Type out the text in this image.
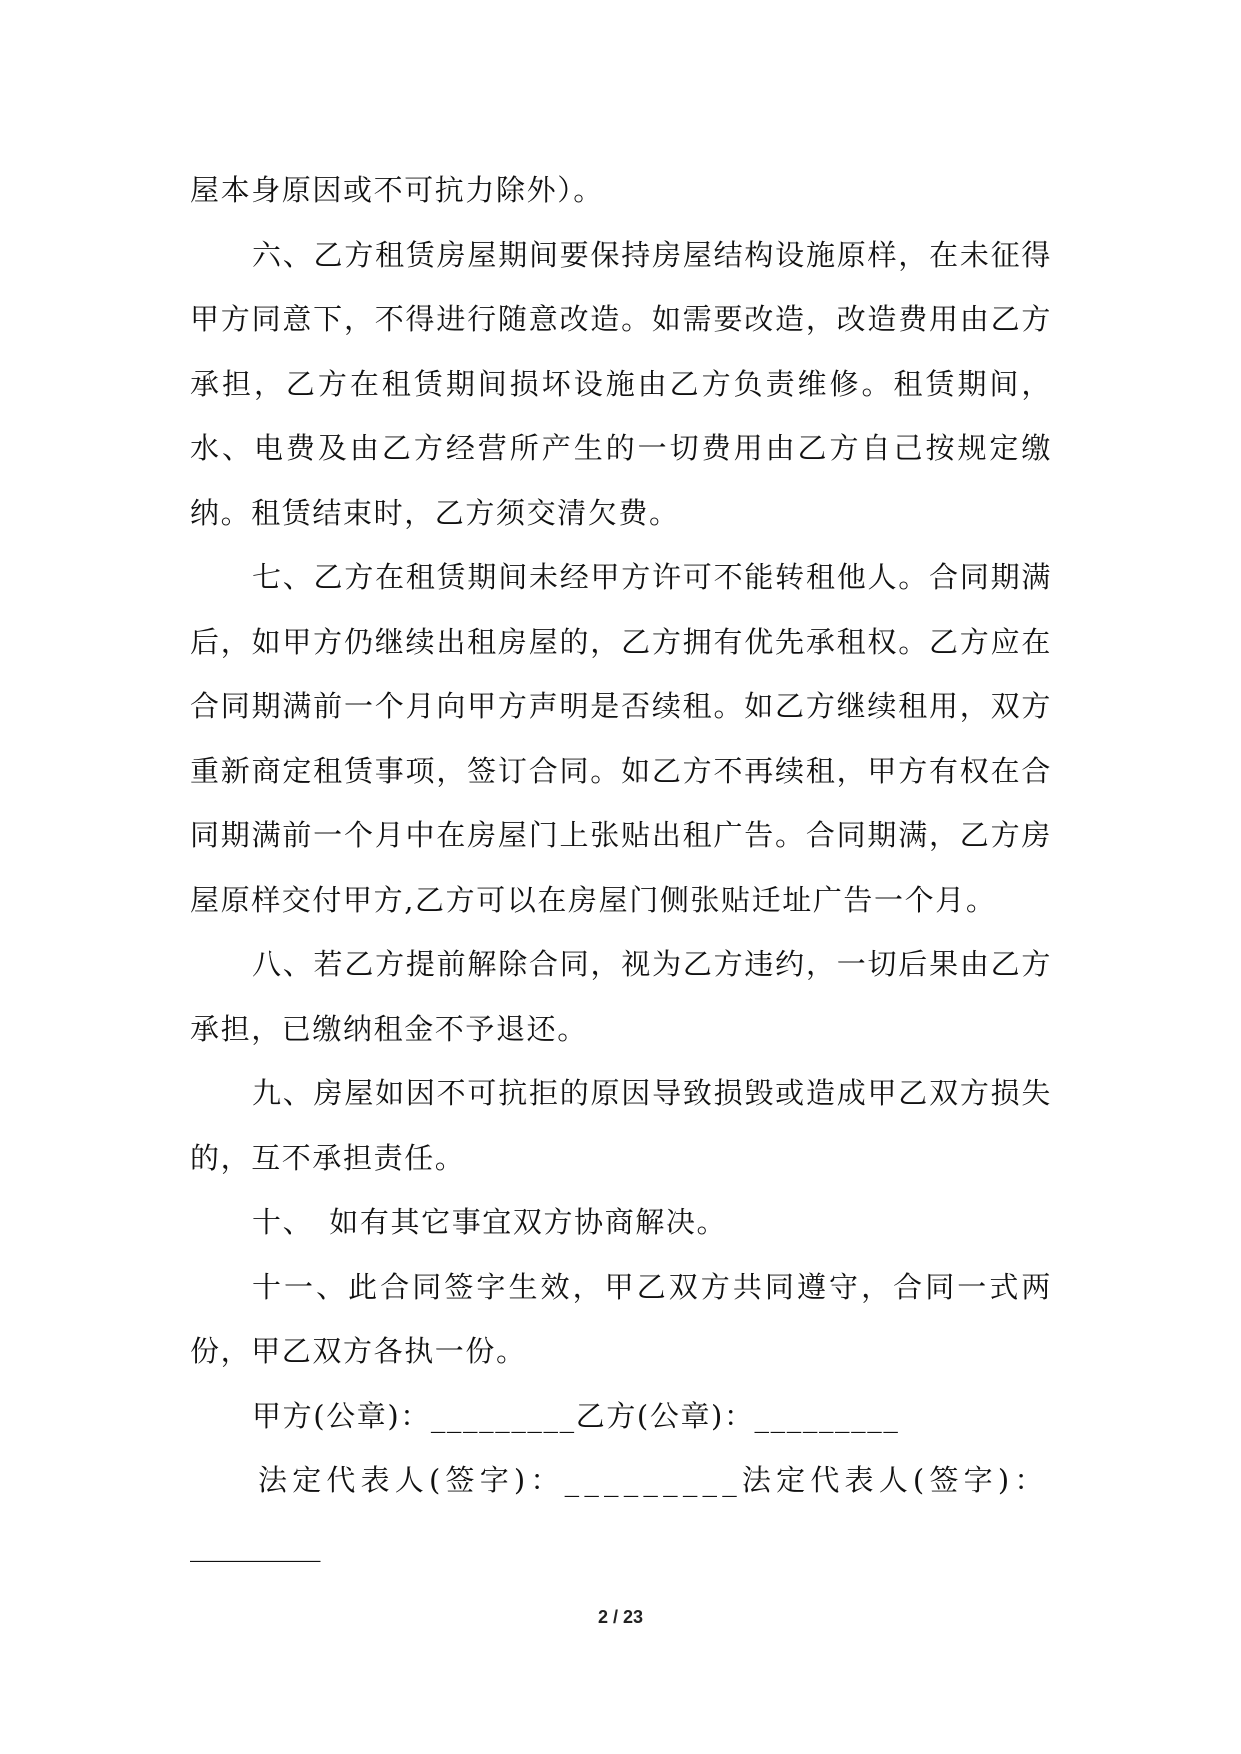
屋本身原因或不可抗力除外）。

六、乙方租赁房屋期间要保持房屋结构设施原样，在未征得甲方同意下，不得进行随意改造。如需要改造，改造费用由乙方承担，乙方在租赁期间损坏设施由乙方负责维修。租赁期间，水、电费及由乙方经营所产生的一切费用由乙方自己按规定缴纳。租赁结束时，乙方须交清欠费。

七、乙方在租赁期间未经甲方许可不能转租他人。合同期满后，如甲方仍继续出租房屋的，乙方拥有优先承租权。乙方应在合同期满前一个月向甲方声明是否续租。如乙方继续租用，双方重新商定租赁事项，签订合同。如乙方不再续租，甲方有权在合同期满前一个月中在房屋门上张贴出租广告。合同期满，乙方房屋原样交付甲方,乙方可以在房屋门侧张贴迁址广告一个月。

八、若乙方提前解除合同，视为乙方违约，一切后果由乙方承担，已缴纳租金不予退还。

九、房屋如因不可抗拒的原因导致损毁或造成甲乙双方损失的，互不承担责任。

十、　如有其它事宜双方协商解决。

十一、此合同签字生效，甲乙双方共同遵守，合同一式两份，甲乙双方各执一份。

甲方(公章)：_________乙方(公章)：_________

法定代表人(签字)：_________法定代表人(签字)：

_________

2 / 23
